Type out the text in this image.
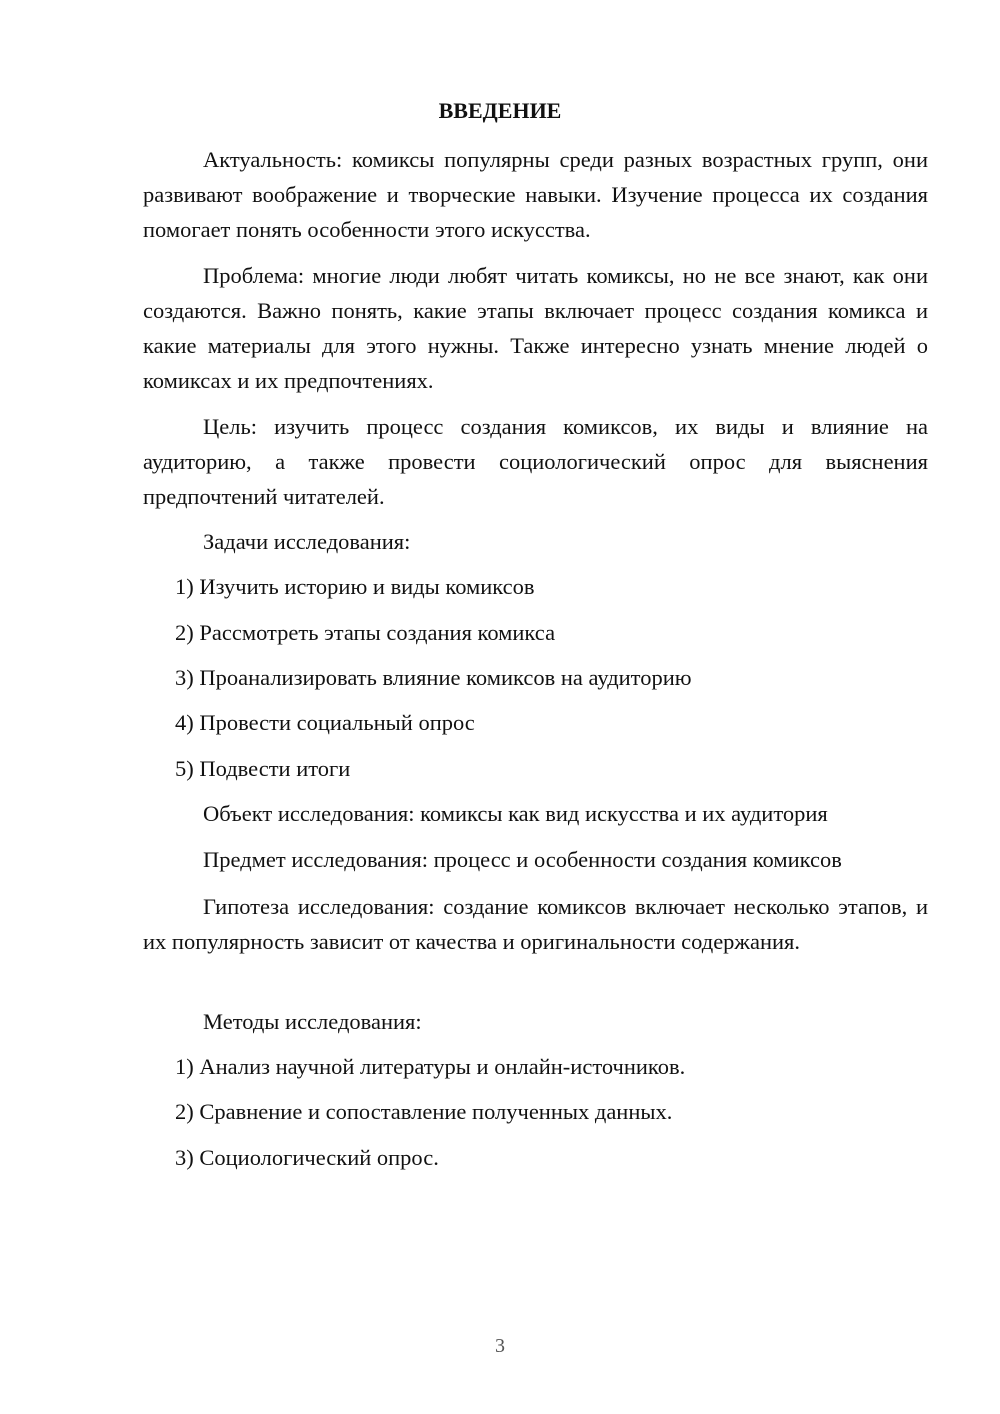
ВВЕДЕНИЕ

Актуальность: комиксы популярны среди разных возрастных групп, они развивают воображение и творческие навыки. Изучение процесса их создания помогает понять особенности этого искусства.

Проблема: многие люди любят читать комиксы, но не все знают, как они создаются. Важно понять, какие этапы включает процесс создания комикса и какие материалы для этого нужны. Также интересно узнать мнение людей о комиксах и их предпочтениях.

Цель: изучить процесс создания комиксов, их виды и влияние на аудиторию, а также провести социологический опрос для выяснения предпочтений читателей.

Задачи исследования:

1) Изучить историю и виды комиксов

2) Рассмотреть этапы создания комикса

3) Проанализировать влияние комиксов на аудиторию

4) Провести социальный опрос

5) Подвести итоги

Объект исследования: комиксы как вид искусства и их аудитория

Предмет исследования: процесс и особенности создания комиксов

Гипотеза исследования: создание комиксов включает несколько этапов, и их популярность зависит от качества и оригинальности содержания.

Методы исследования:

1) Анализ научной литературы и онлайн-источников.

2) Сравнение и сопоставление полученных данных.

3) Социологический опрос.

3
